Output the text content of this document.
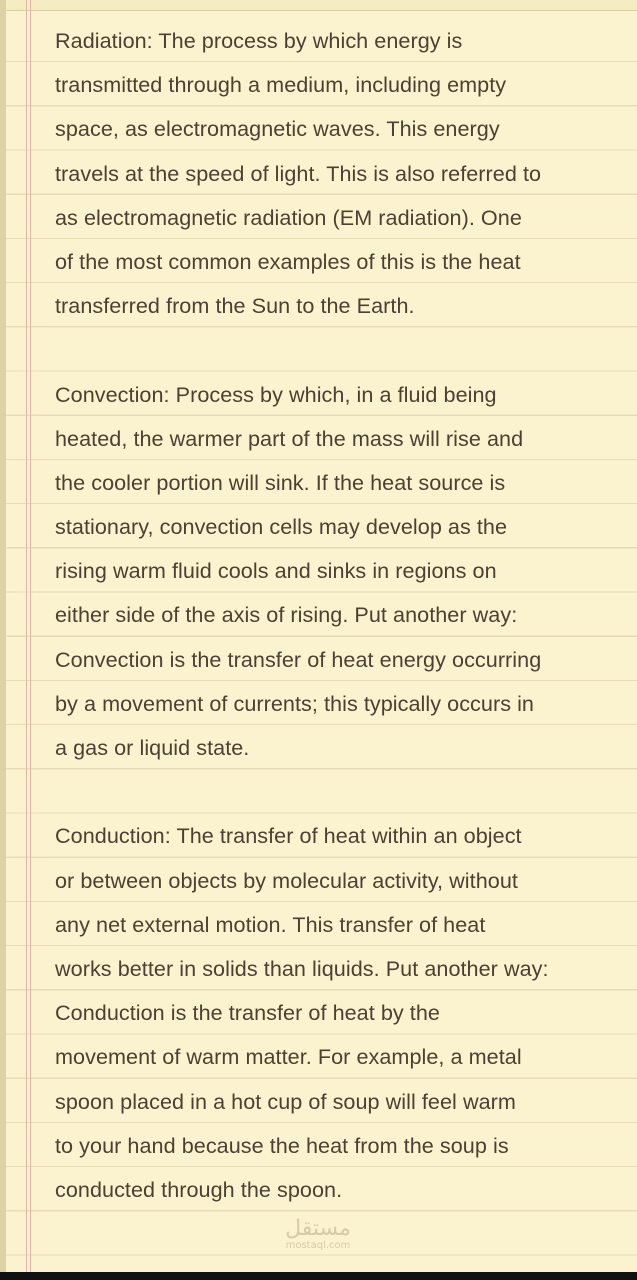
Radiation: The process by which energy is
transmitted through a medium, including empty
space, as electromagnetic waves. This energy
travels at the speed of light. This is also referred to
as electromagnetic radiation (EM radiation). One
of the most common examples of this is the heat
transferred from the Sun to the Earth.

Convection: Process by which, in a fluid being
heated, the warmer part of the mass will rise and
the cooler portion will sink. If the heat source is
stationary, convection cells may develop as the
rising warm fluid cools and sinks in regions on
either side of the axis of rising. Put another way:
Convection is the transfer of heat energy occurring
by a movement of currents; this typically occurs in
a gas or liquid state.

Conduction: The transfer of heat within an object
or between objects by molecular activity, without
any net external motion. This transfer of heat
works better in solids than liquids. Put another way:
Conduction is the transfer of heat by the
movement of warm matter. For example, a metal
spoon placed in a hot cup of soup will feel warm
to your hand because the heat from the soup is
conducted through the spoon.

مستقل
mostaql.com
